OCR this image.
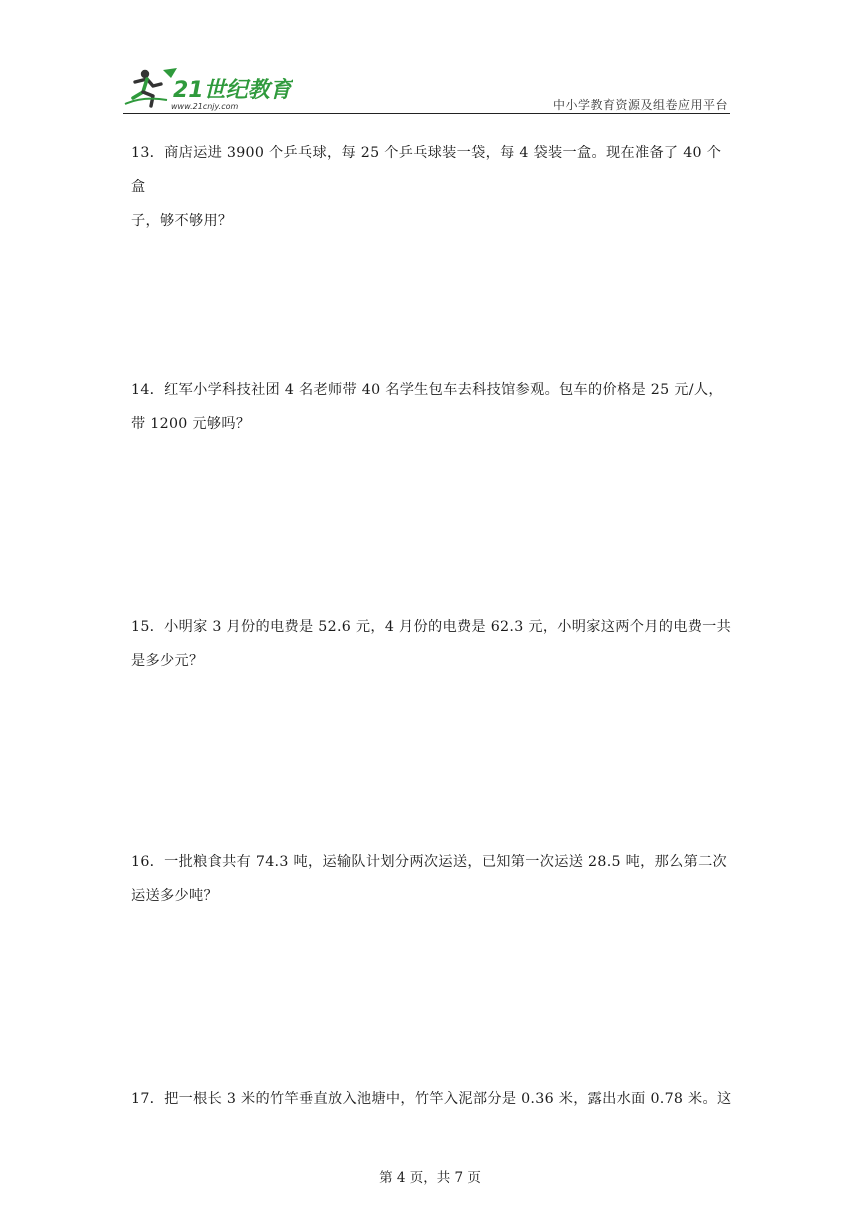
21世纪教育
www.21cnjy.com	中小学教育资源及组卷应用平台

13．商店运进 3900 个乒乓球，每 25 个乒乓球装一袋，每 4 袋装一盒。现在准备了 40 个盒

子，够不够用？

14．红军小学科技社团 4 名老师带 40 名学生包车去科技馆参观。包车的价格是 25 元/人，

带 1200 元够吗？

15．小明家 3 月份的电费是 52.6 元，4 月份的电费是 62.3 元，小明家这两个月的电费一共

是多少元？

16．一批粮食共有 74.3 吨，运输队计划分两次运送，已知第一次运送 28.5 吨，那么第二次

运送多少吨？

17．把一根长 3 米的竹竿垂直放入池塘中，竹竿入泥部分是 0.36 米，露出水面 0.78 米。这

第 4 页，共 7 页
